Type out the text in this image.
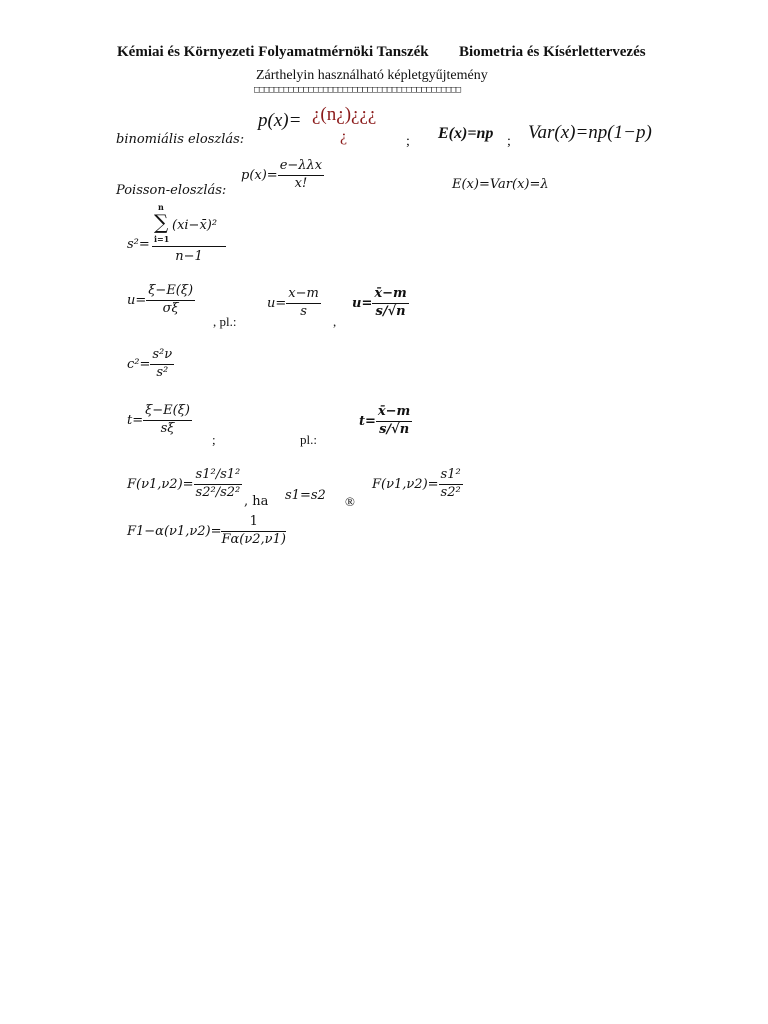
Kémiai és Környezeti Folyamatmérnöki Tanszék Biometria és Kísérlettervezés
Zárthelyin használható képletgyűjtemény
□□□□□□□□□□□□□□□□□□□□□□□□□□□□□□□□□□□□□□□□□□
binomiális eloszlás:
p(x)= ¿(n¿)¿¿¿
¿	; E(x)=np ; Var(x)=np(1−p)
Poisson-eloszlás:
$p(x)= \frac{\text{e−λλx}}{x!}$	E(x)=Var(x)=λ
s²=
n
∑
i=1
(xi−x̄)²
n−1
$u= \frac{\xi-E(\xi)}{\sigma\xi}$
, pl.:
$u= \frac{x-m}{s}$
,
$u= \frac{x̄-m}{s/√n}$
$c^2= \frac{\text{s²ν}}{\text{s²}}$
$t= \frac{\xi-E(\xi)}{s\xi}$
;	pl.:
$t= \frac{x̄-m}{s/√n}$
$F(\nu 1,\nu 2)= \frac{\text{s1²/s1²}}{\text{s2²/s2²}}$
, ha s1=s2 ®
$F(\nu 1,\nu 2)= \frac{\text{s1²}}{\text{s2²}}$
$F1-\alpha(\nu 1,\nu 2)= \frac{1}{F\alpha(\nu 2,\nu 1)}$
